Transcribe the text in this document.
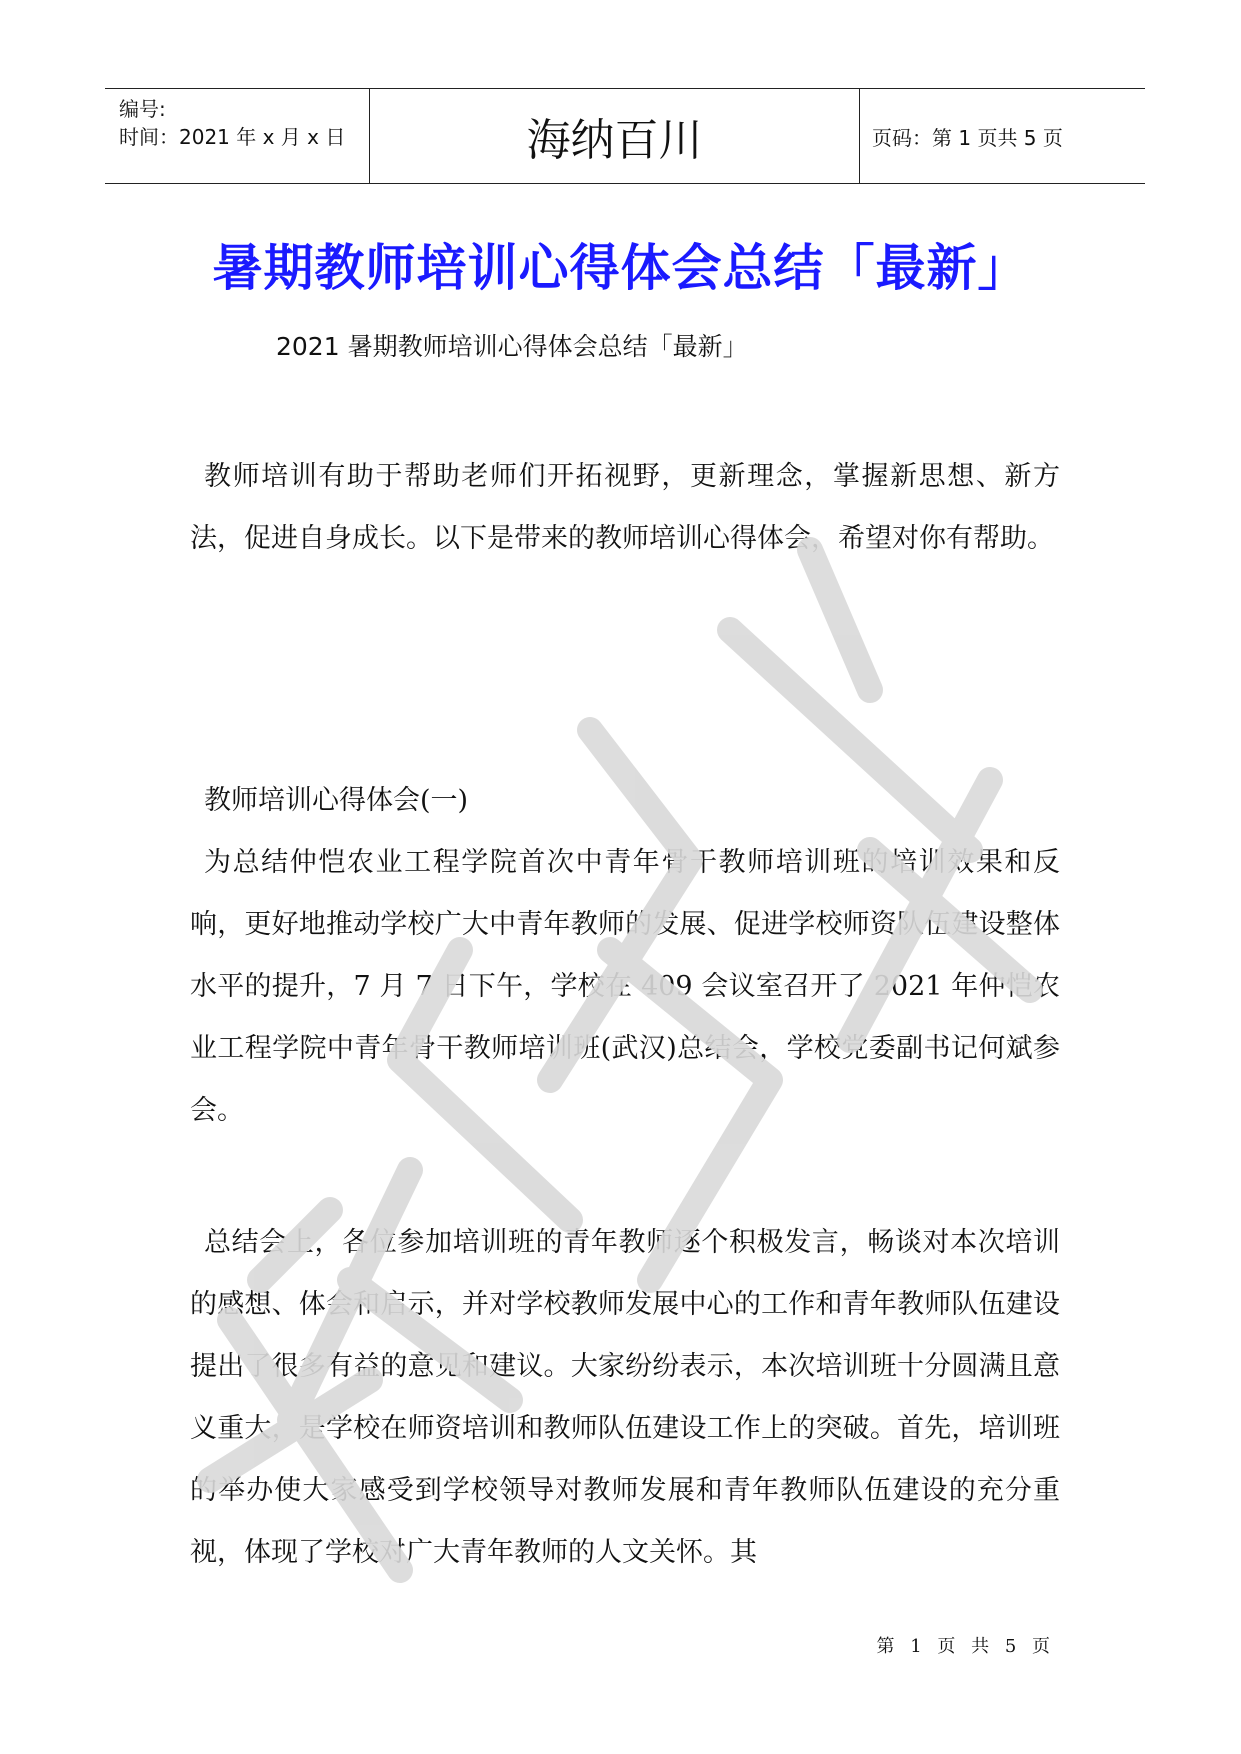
编号:
时间：2021 年 x 月 x 日	海纳百川	页码：第 1 页共 5 页
暑期教师培训心得体会总结「最新」
2021 暑期教师培训心得体会总结「最新」

教师培训有助于帮助老师们开拓视野，更新理念，掌握新思想、新方法，促进自身成长。以下是带来的教师培训心得体会，希望对你有帮助。

教师培训心得体会(一)

为总结仲恺农业工程学院首次中青年骨干教师培训班的培训效果和反响，更好地推动学校广大中青年教师的发展、促进学校师资队伍建设整体水平的提升，7 月 7 日下午，学校在 409 会议室召开了 2021 年仲恺农业工程学院中青年骨干教师培训班(武汉)总结会，学校党委副书记何斌参会。

总结会上，各位参加培训班的青年教师逐个积极发言，畅谈对本次培训的感想、体会和启示，并对学校教师发展中心的工作和青年教师队伍建设提出了很多有益的意见和建议。大家纷纷表示，本次培训班十分圆满且意义重大，是学校在师资培训和教师队伍建设工作上的突破。首先，培训班的举办使大家感受到学校领导对教师发展和青年教师队伍建设的充分重视，体现了学校对广大青年教师的人文关怀。其

第 1 页 共 5 页
